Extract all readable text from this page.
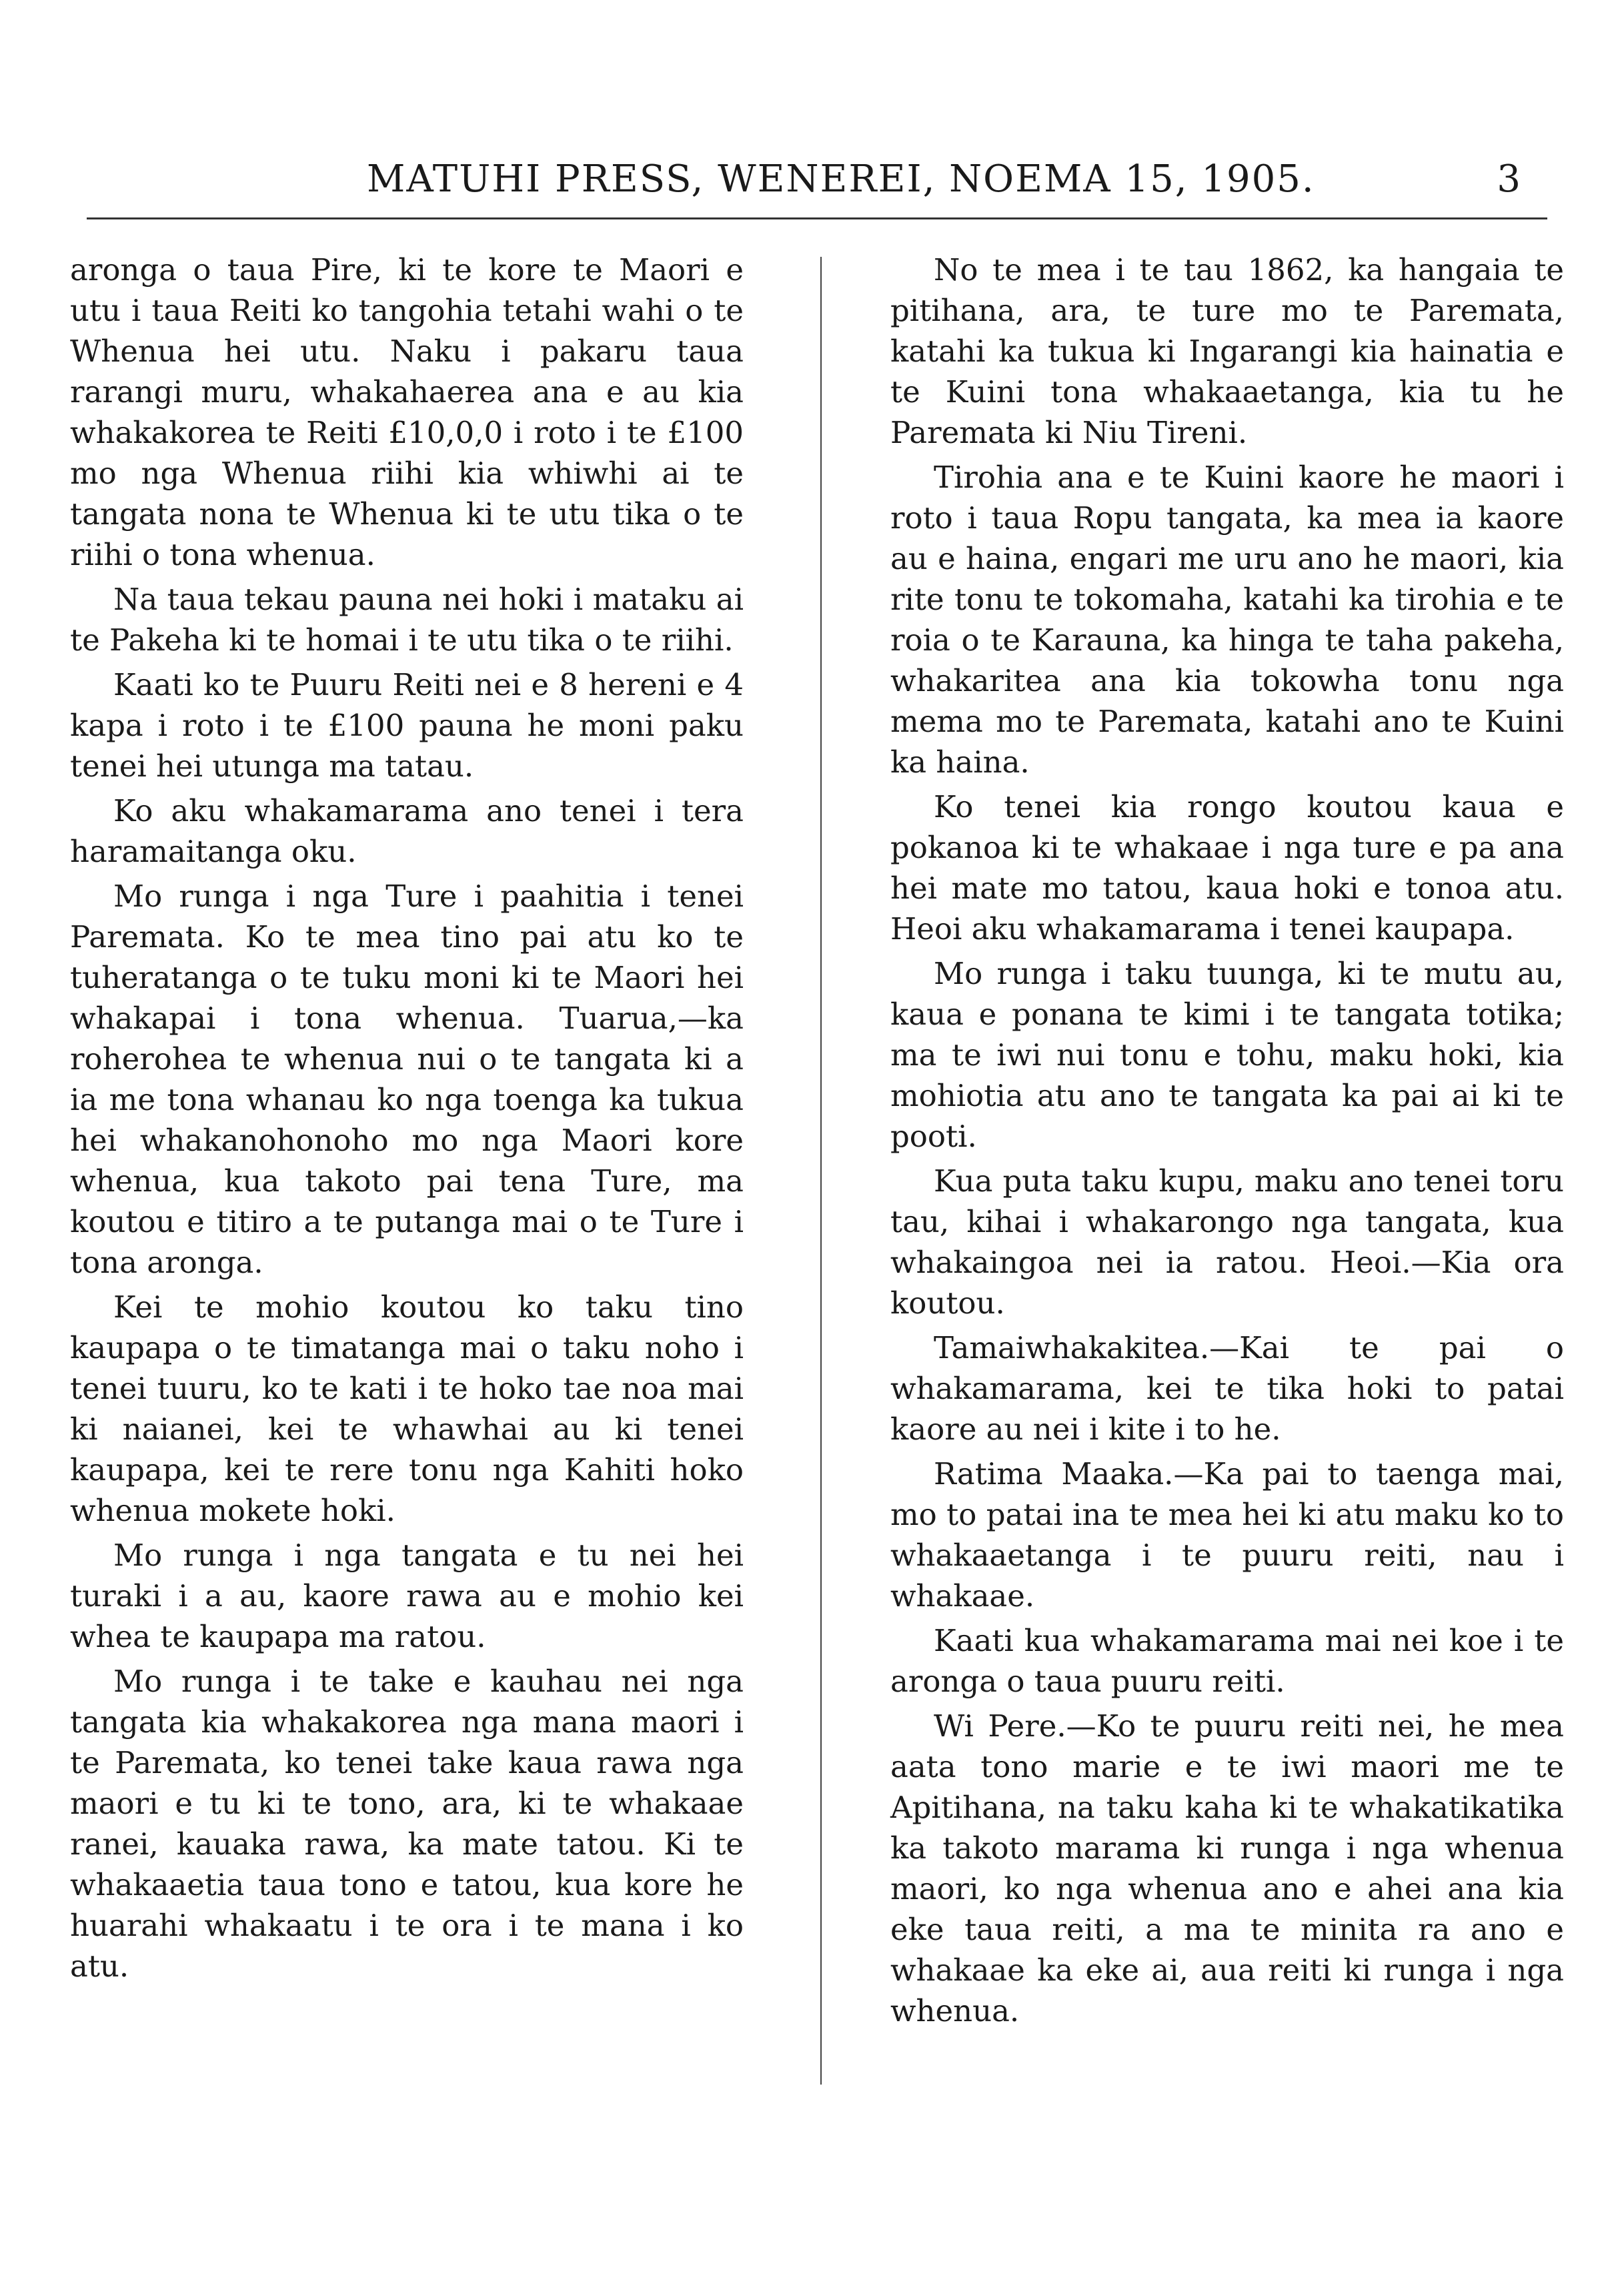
MATUHI PRESS, WENEREI, NOEMA 15, 1905.	3

aronga o taua Pire, ki te kore te Maori e utu i taua Reiti ko tangohia tetahi wahi o te Whenua hei utu. Naku i pakaru taua rarangi muru, whakahaerea ana e au kia whakakorea te Reiti £10,0,0 i roto i te £100 mo nga Whenua riihi kia whiwhi ai te tangata nona te Whenua ki te utu tika o te riihi o tona whenua.

Na taua tekau pauna nei hoki i mataku ai te Pakeha ki te homai i te utu tika o te riihi.

Kaati ko te Puuru Reiti nei e 8 hereni e 4 kapa i roto i te £100 pauna he moni paku tenei hei utunga ma tatau.

Ko aku whakamarama ano tenei i tera haramaitanga oku.

Mo runga i nga Ture i paahitia i tenei Paremata. Ko te mea tino pai atu ko te tuheratanga o te tuku moni ki te Maori hei whakapai i tona whenua. Tuarua,—ka roherohea te whenua nui o te tangata ki a ia me tona whanau ko nga toenga ka tukua hei whakanohonoho mo nga Maori kore whenua, kua takoto pai tena Ture, ma koutou e titiro a te putanga mai o te Ture i tona aronga.

Kei te mohio koutou ko taku tino kaupapa o te timatanga mai o taku noho i tenei tuuru, ko te kati i te hoko tae noa mai ki naianei, kei te whawhai au ki tenei kaupapa, kei te rere tonu nga Kahiti hoko whenua mokete hoki.

Mo runga i nga tangata e tu nei hei turaki i a au, kaore rawa au e mohio kei whea te kaupapa ma ratou.

Mo runga i te take e kauhau nei nga tangata kia whakakorea nga mana maori i te Paremata, ko tenei take kaua rawa nga maori e tu ki te tono, ara, ki te whakaae ranei, kauaka rawa, ka mate tatou. Ki te whakaaetia taua tono e tatou, kua kore he huarahi whakaatu i te ora i te mana i ko atu.

No te mea i te tau 1862, ka hangaia te pitihana, ara, te ture mo te Paremata, katahi ka tukua ki Ingarangi kia hainatia e te Kuini tona whakaaetanga, kia tu he Paremata ki Niu Tireni.

Tirohia ana e te Kuini kaore he maori i roto i taua Ropu tangata, ka mea ia kaore au e haina, engari me uru ano he maori, kia rite tonu te tokomaha, katahi ka tirohia e te roia o te Karauna, ka hinga te taha pakeha, whakaritea ana kia tokowha tonu nga mema mo te Paremata, katahi ano te Kuini ka haina.

Ko tenei kia rongo koutou kaua e pokanoa ki te whakaae i nga ture e pa ana hei mate mo tatou, kaua hoki e tonoa atu. Heoi aku whakamarama i tenei kaupapa.

Mo runga i taku tuunga, ki te mutu au, kaua e ponana te kimi i te tangata totika; ma te iwi nui tonu e tohu, maku hoki, kia mohiotia atu ano te tangata ka pai ai ki te pooti.

Kua puta taku kupu, maku ano tenei toru tau, kihai i whakarongo nga tangata, kua whakaingoa nei ia ratou. Heoi.—Kia ora koutou.

Tamaiwhakakitea.—Kai te pai o whakamarama, kei te tika hoki to patai kaore au nei i kite i to he.

Ratima Maaka.—Ka pai to taenga mai, mo to patai ina te mea hei ki atu maku ko to whakaaetanga i te puuru reiti, nau i whakaae.

Kaati kua whakamarama mai nei koe i te aronga o taua puuru reiti.

Wi Pere.—Ko te puuru reiti nei, he mea aata tono marie e te iwi maori me te Apitihana, na taku kaha ki te whakatikatika ka takoto marama ki runga i nga whenua maori, ko nga whenua ano e ahei ana kia eke taua reiti, a ma te minita ra ano e whakaae ka eke ai, aua reiti ki runga i nga whenua.
